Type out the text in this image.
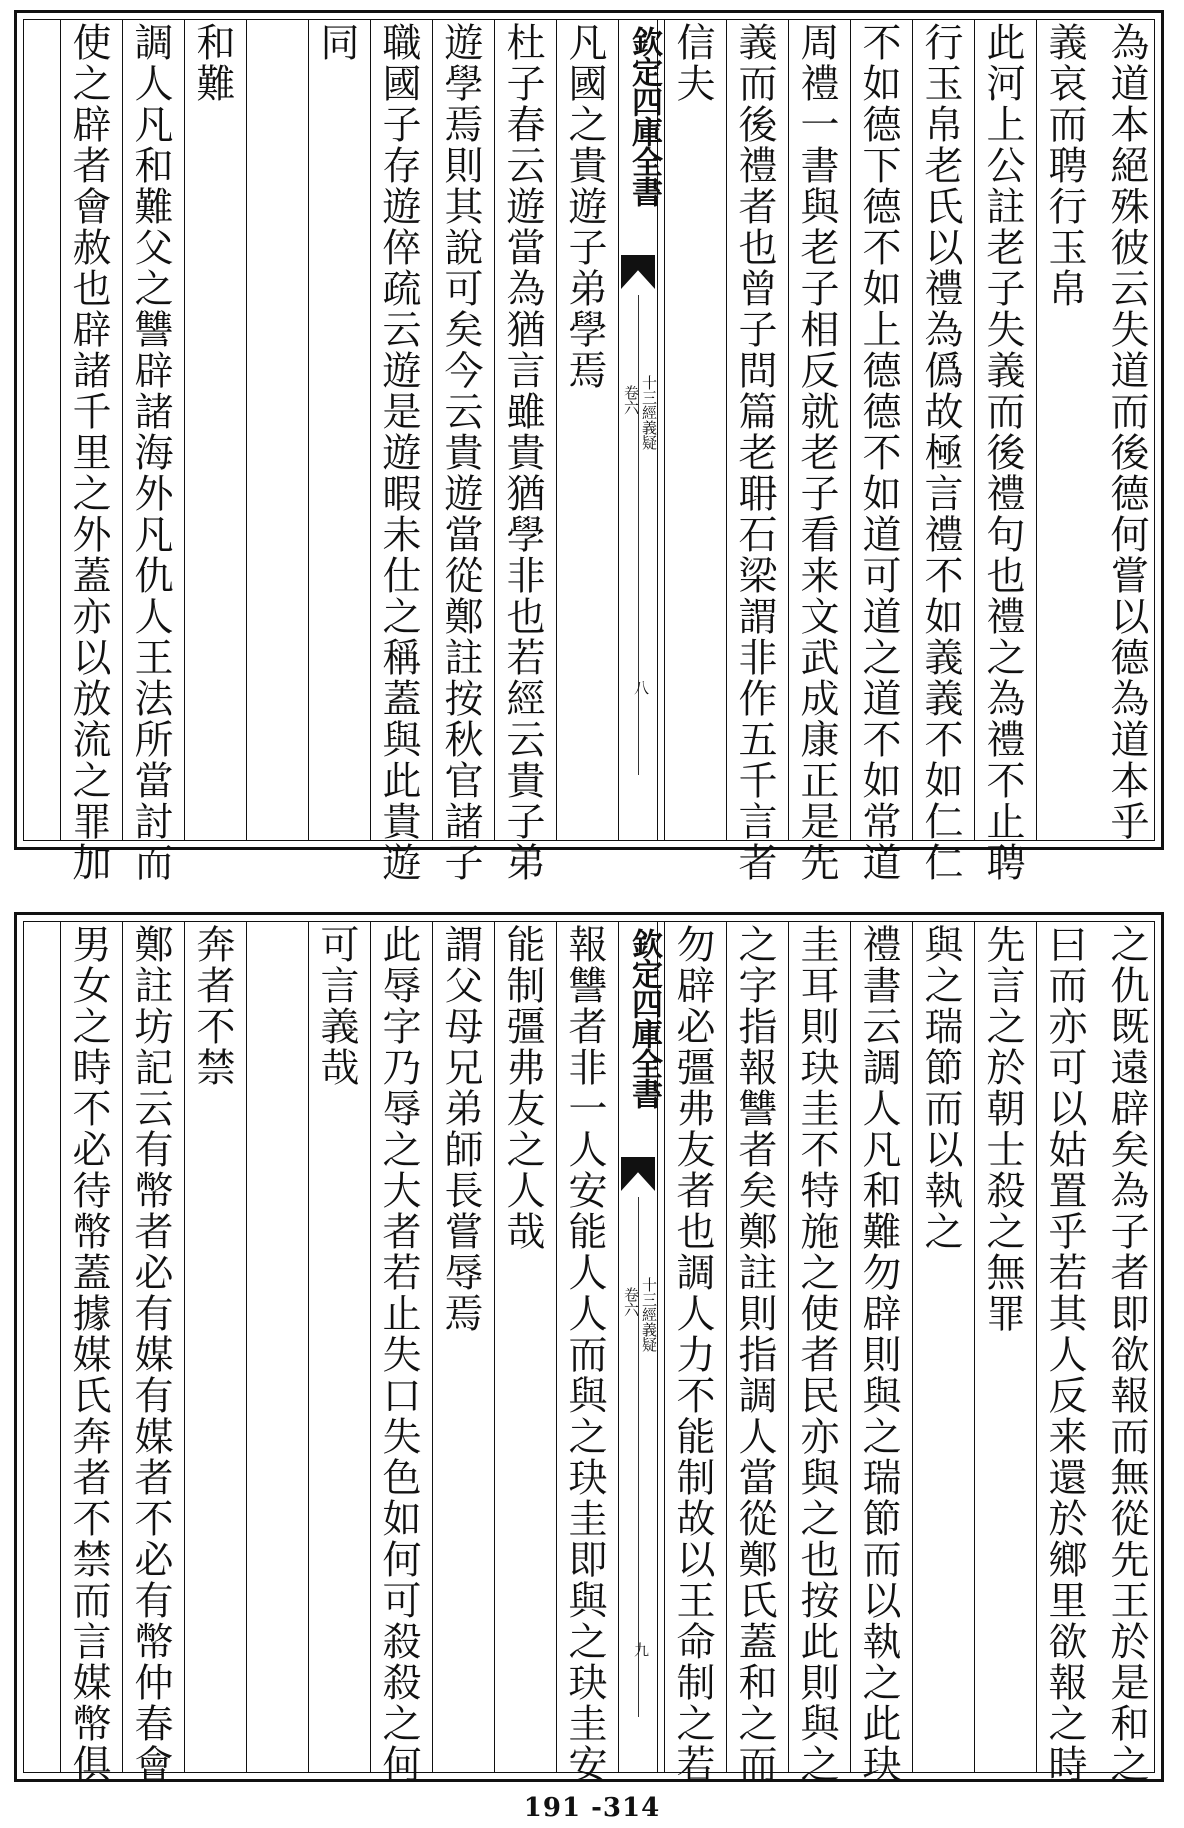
為道本絕殊彼云失道而後德何嘗以德為道本乎
義哀而聘行玉帛
此河上公註老子失義而後禮句也禮之為禮不止聘
行玉帛老氏以禮為僞故極言禮不如義義不如仁仁
不如德下德不如上德德不如道可道之道不如常道
周禮一書與老子相反就老子看来文武成康正是先
義而後禮者也曾子問篇老耼石梁謂非作五千言者
信夫
欽定四庫全書
十三經義疑
卷六
八
凡國之貴遊子弟學焉
杜子春云遊當為猶言雖貴猶學非也若經云貴子弟
遊學焉則其說可矣今云貴遊當從鄭註按秋官諸子
職國子存遊倅疏云遊是遊暇未仕之稱蓋與此貴遊
同
和難
調人凡和難父之讐辟諸海外凡仇人王法所當討而
使之辟者會赦也辟諸千里之外蓋亦以放流之罪加
之仇既遠辟矣為子者即欲報而無從先王於是和之
曰而亦可以姑置乎若其人反来還於鄉里欲報之時
先言之於朝士殺之無罪
與之瑞節而以執之
禮書云調人凡和難勿辟則與之瑞節而以執之此玦
圭耳則玦圭不特施之使者民亦與之也按此則與之
之字指報讐者矣鄭註則指調人當從鄭氏蓋和之而
勿辟必彊弗友者也調人力不能制故以王命制之若
欽定四庫全書
十三經義疑
卷六
九
報讐者非一人安能人人而與之玦圭即與之玦圭安
能制彊弗友之人哉
謂父母兄弟師長嘗辱焉
此辱字乃辱之大者若止失口失色如何可殺殺之何
可言義哉
奔者不禁
鄭註坊記云有幣者必有媒有媒者不必有幣仲春會
男女之時不必待幣蓋據媒氏奔者不禁而言媒幣俱
191 -314
